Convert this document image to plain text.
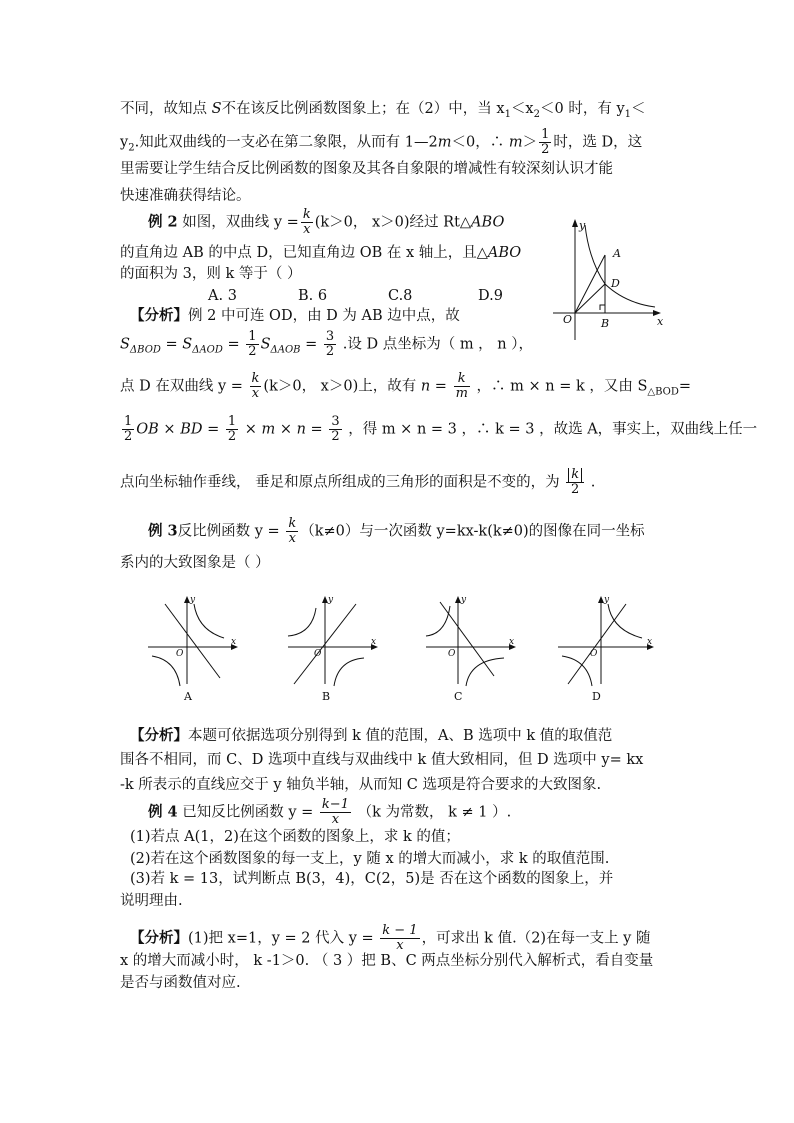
不同，故知点 S不在该反比例函数图象上；在（2）中，当 $x_1<x_2<0$ 时，有 $y_1<$
$y_2$.知此双曲线的一支必在第二象限，从而有 1—2m＜0，∴ $m> \frac{1}{2}$ 时，选 D，这
里需要让学生结合反比例函数的图象及其各自象限的增减性有较深刻认识才能
快速准确获得结论。
例 2 如图，双曲线 $y = \frac{k}{x} (k>0$， x＞0)经过 Rt△ABO
的直角边 AB 的中点 D，已知直角边 OB 在 x 轴上，且△ABO
的面积为 3，则 k 等于（ ）
A. 3	B. 6	C.8	D.9
【分析】例 2 中可连 OD，由 D 为 AB 边中点，故
$S_{\Delta BOD} = S_{\Delta AOD} = \frac{1}{2} S_{\Delta AOB} = \frac{3}{2}$ .设 D 点坐标为（ m ， n ），
点 D 在双曲线 $y = \frac{k}{x} (k>0$， x＞0)上，故有 $n = \frac{k}{m}$ ，∴ m × n = k ，又由 $S_{\triangle BOD}=$
$\frac{1}{2}$ OB × BD = $\frac{1}{2} \times m \times n = \frac{3}{2}$ ，得 m × n = 3 ，∴ k = 3 ，故选 A，事实上，双曲线上任一
点向坐标轴作垂线， 垂足和原点所组成的三角形的面积是不变的，为 $\frac{k}{2}$ .
y
x
A
D
O	B
例 3反比例函数 $y = \frac{k}{x} (k\ne 0)$与一次函数 y=kx-k(k≠0)的图像在同一坐标
系内的大致图象是（ ）
y
x
O
y
x
O
y
x
O
y
x
O
A	B	C	D
【分析】本题可依据选项分别得到 k 值的范围，A、B 选项中 k 值的取值范
围各不相同，而 C、D 选项中直线与双曲线中 k 值大致相同，但 D 选项中 y= kx
-k 所表示的直线应交于 y 轴负半轴，从而知 C 选项是符合要求的大致图象.
例 4 已知反比例函数 $y = \frac{k-1}{x} (k$ 为常数， k ≠ 1 ）.
(1)若点 A(1，2)在这个函数的图象上，求 k 的值；
(2)若在这个函数图象的每一支上，y 随 x 的增大而减小，求 k 的取值范围.
(3)若 k = 13，试判断点 B(3，4)，C(2，5)是 否在这个函数的图象上，并
说明理由.
【分析】(1)把 x=1，y = 2 代入 $y = \frac{k - 1}{x}$ ，可求出 k 值.（2)在每一支上 y 随
x 的增大而减小时， k -1＞0. （ 3 ）把 B、C 两点坐标分别代入解析式，看自变量
是否与函数值对应.
